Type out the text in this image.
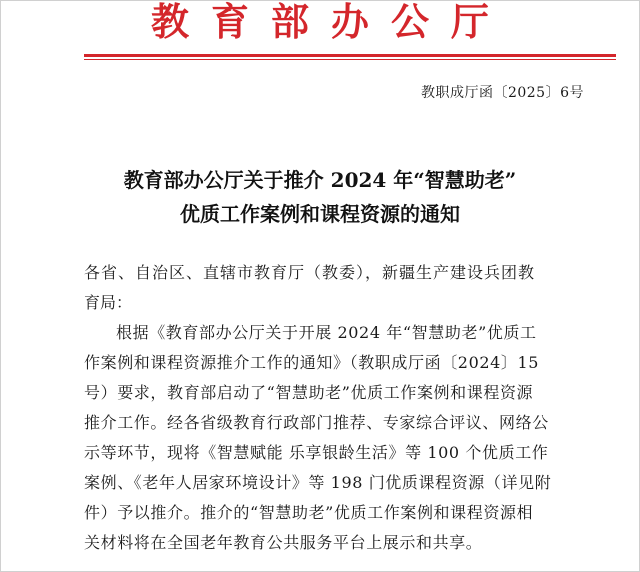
教育部办公厅
教职成厅函〔2025〕6号
教育部办公厅关于推介 2024 年“智慧助老”
优质工作案例和课程资源的通知
各省、自治区、直辖市教育厅（教委），新疆生产建设兵团教
育局：
根据《教育部办公厅关于开展 2024 年“智慧助老”优质工
作案例和课程资源推介工作的通知》（教职成厅函〔2024〕15
号）要求，教育部启动了“智慧助老”优质工作案例和课程资源
推介工作。经各省级教育行政部门推荐、专家综合评议、网络公
示等环节，现将《智慧赋能 乐享银龄生活》等 100 个优质工作
案例、《老年人居家环境设计》等 198 门优质课程资源（详见附
件）予以推介。推介的“智慧助老”优质工作案例和课程资源相
关材料将在全国老年教育公共服务平台上展示和共享。
